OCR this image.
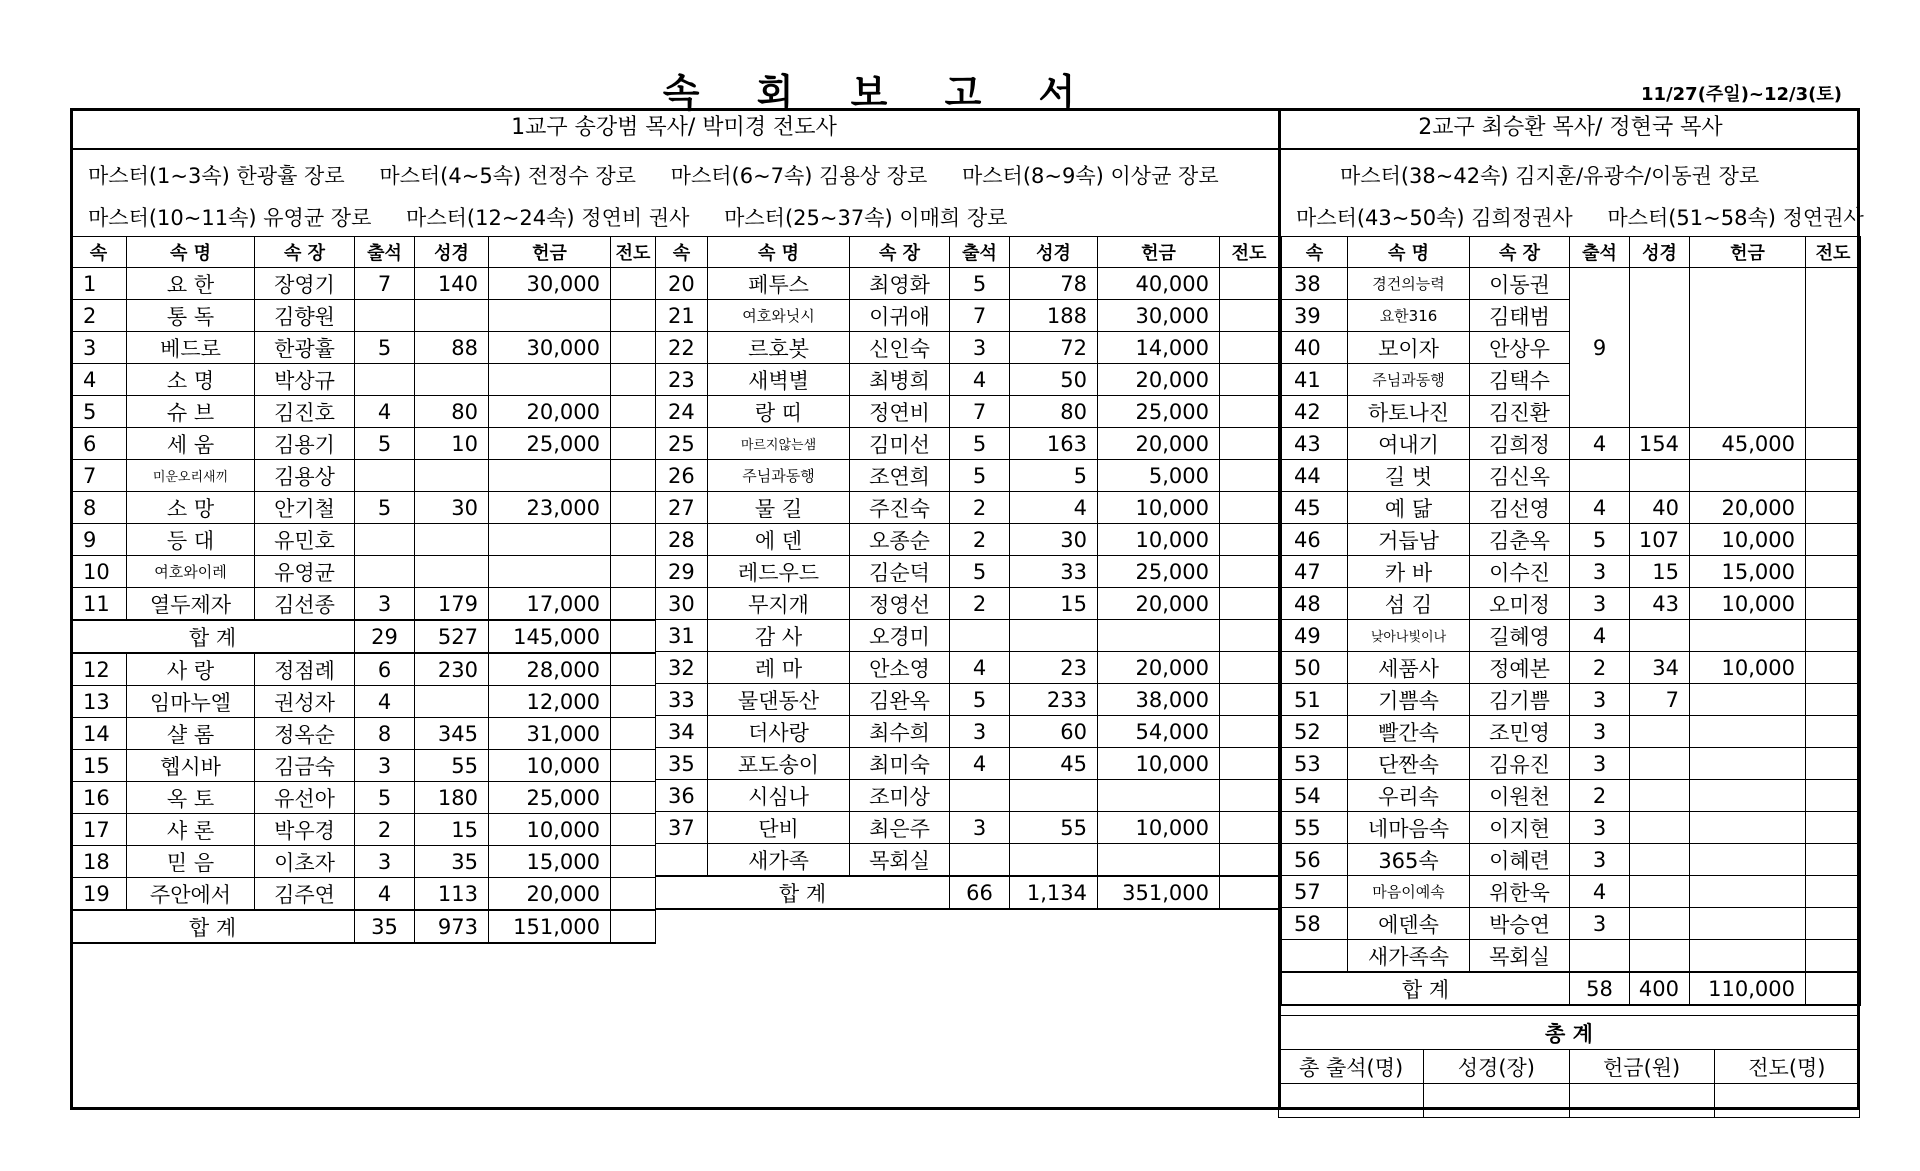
속 회 보 고 서	11/27(주일)~12/3(토)
1교구 송강범 목사/ 박미경 전도사	2교구 최승환 목사/ 정현국 목사
마스터(1~3속) 한광휼 장로 마스터(4~5속) 전정수 장로 마스터(6~7속) 김용상 장로 마스터(8~9속) 이상균 장로
마스터(10~11속) 유영균 장로 마스터(12~24속) 정연비 권사 마스터(25~37속) 이매희 장로
마스터(38~42속) 김지훈/유광수/이동권 장로
마스터(43~50속) 김희정권사 마스터(51~58속) 정연권사
속	속 명	속 장	출석	성경	헌금	전도
1	요 한	장영기	7	140	30,000	
2	통 독	김향원				
3	베드로	한광휼	5	88	30,000	
4	소 명	박상규				
5	슈 브	김진호	4	80	20,000	
6	세 움	김용기	5	10	25,000	
7	미운오리새끼	김용상				
8	소 망	안기철	5	30	23,000	
9	등 대	유민호				
10	여호와이레	유영균				
11	열두제자	김선종	3	179	17,000	
합 계			29	527	145,000	
12	사 랑	정점례	6	230	28,000	
13	임마누엘	권성자	4		12,000	
14	샬 롬	정옥순	8	345	31,000	
15	헵시바	김금숙	3	55	10,000	
16	옥 토	유선아	5	180	25,000	
17	샤 론	박우경	2	15	10,000	
18	믿 음	이초자	3	35	15,000	
19	주안에서	김주연	4	113	20,000	
합 계			35	973	151,000	
속	속 명	속 장	출석	성경	헌금	전도
20	페투스	최영화	5	78	40,000	
21	여호와닛시	이귀애	7	188	30,000	
22	르호봇	신인숙	3	72	14,000	
23	새벽별	최병희	4	50	20,000	
24	랑 띠	정연비	7	80	25,000	
25	마르지않는샘	김미선	5	163	20,000	
26	주님과동행	조연희	5	5	5,000	
27	물 길	주진숙	2	4	10,000	
28	에 덴	오종순	2	30	10,000	
29	레드우드	김순덕	5	33	25,000	
30	무지개	정영선	2	15	20,000	
31	감 사	오경미				
32	레 마	안소영	4	23	20,000	
33	물댄동산	김완옥	5	233	38,000	
34	더사랑	최수희	3	60	54,000	
35	포도송이	최미숙	4	45	10,000	
36	시심나	조미상				
37	단비	최은주	3	55	10,000	
	새가족	목회실				
합 계			66	1,134	351,000	
속	속 명	속 장	출석	성경	헌금	전도
38	경건의능력	이동권	9			
39	요한316	김태범				
40	모이자	안상우				
41	주님과동행	김택수				
42	하토나진	김진환				
43	여내기	김희정	4	154	45,000	
44	길 벗	김신옥				
45	예 닮	김선영	4	40	20,000	
46	거듭남	김춘옥	5	107	10,000	
47	카 바	이수진	3	15	15,000	
48	섬 김	오미정	3	43	10,000	
49	낮아나빛이나	길혜영	4			
50	세품사	정예본	2	34	10,000	
51	기쁨속	김기쁨	3	7		
52	빨간속	조민영	3			
53	단짠속	김유진	3			
54	우리속	이원천	2			
55	네마음속	이지현	3			
56	365속	이혜련	3			
57	마음이예속	위한욱	4			
58	에덴속	박승연	3			
	새가족속	목회실				
합 계			58	400	110,000	
총 계			
총 출석(명)	성경(장)	헌금(원)	전도(명)
